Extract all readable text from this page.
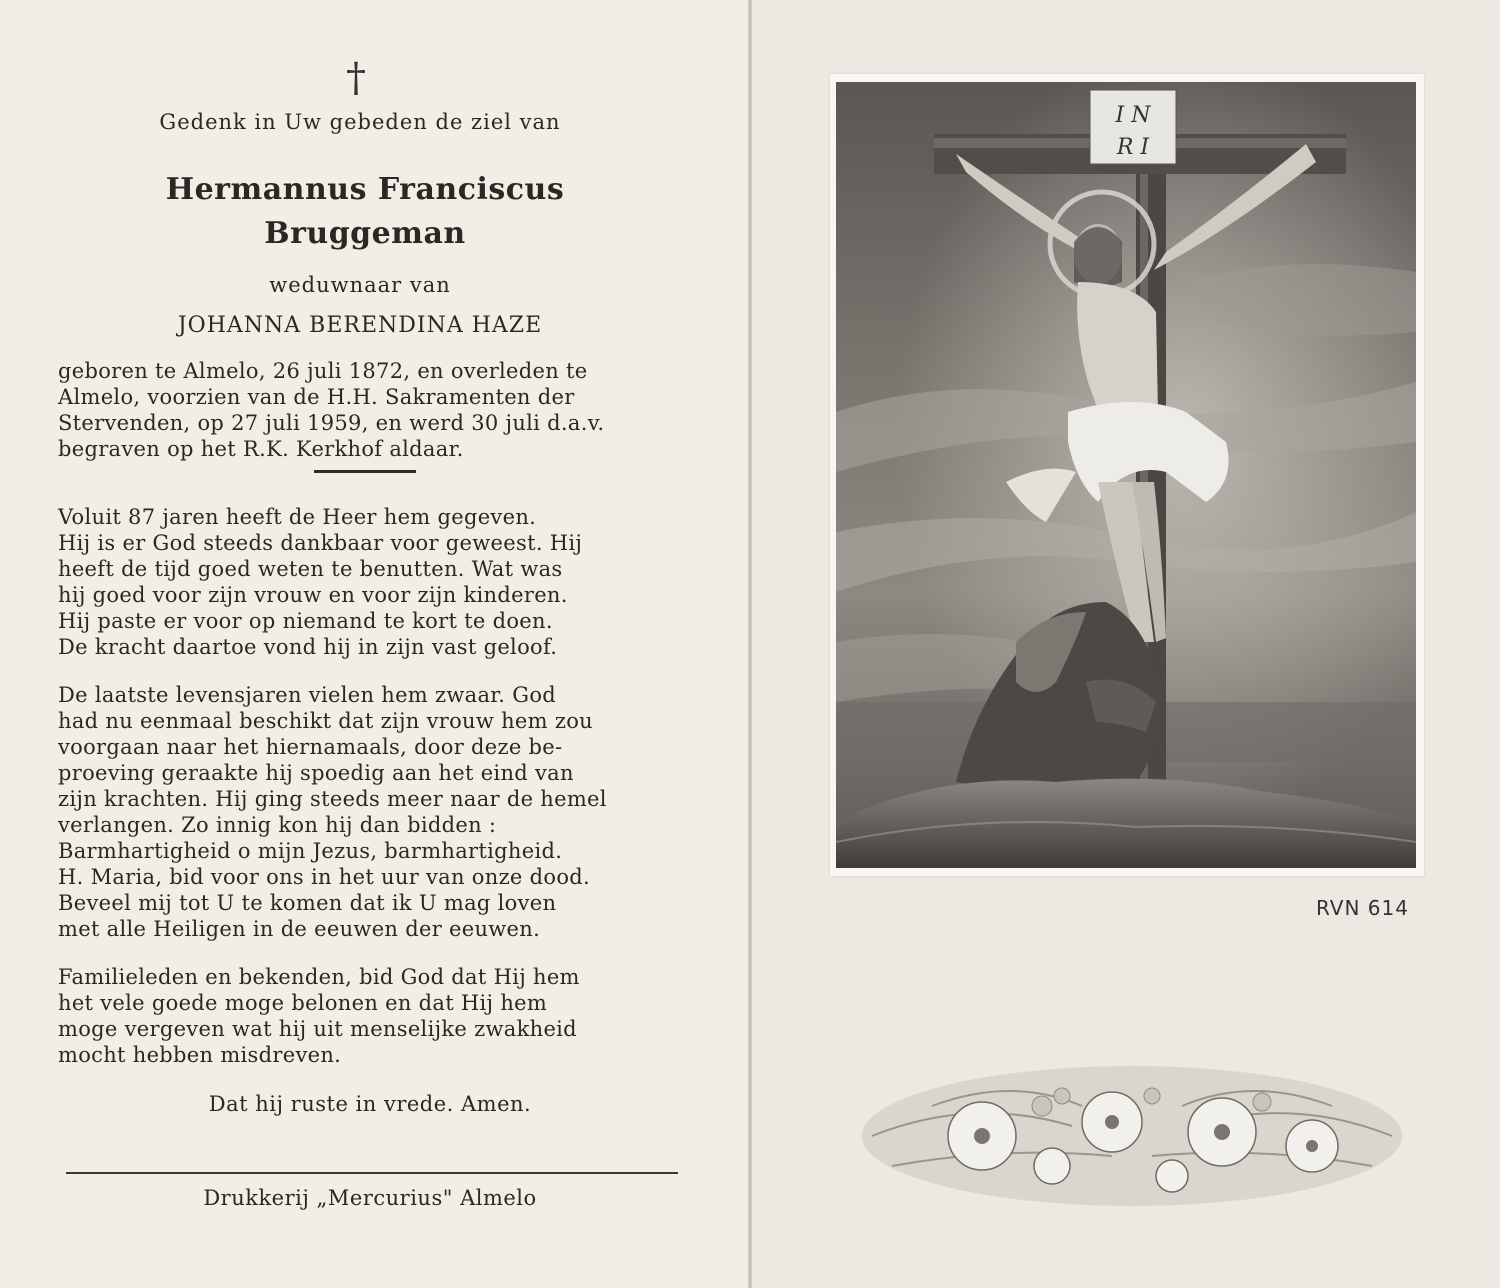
†
Gedenk in Uw gebeden de ziel van
Hermannus Franciscus
Bruggeman
weduwnaar van
JOHANNA BERENDINA HAZE
geboren te Almelo, 26 juli 1872, en overleden te
Almelo, voorzien van de H.H. Sakramenten der
Stervenden, op 27 juli 1959, en werd 30 juli d.a.v.
begraven op het R.K. Kerkhof aldaar.
Voluit 87 jaren heeft de Heer hem gegeven.
Hij is er God steeds dankbaar voor geweest. Hij
heeft de tijd goed weten te benutten. Wat was
hij goed voor zijn vrouw en voor zijn kinderen.
Hij paste er voor op niemand te kort te doen.
De kracht daartoe vond hij in zijn vast geloof.
De laatste levensjaren vielen hem zwaar. God
had nu eenmaal beschikt dat zijn vrouw hem zou
voorgaan naar het hiernamaals, door deze be-
proeving geraakte hij spoedig aan het eind van
zijn krachten. Hij ging steeds meer naar de hemel
verlangen. Zo innig kon hij dan bidden :
Barmhartigheid o mijn Jezus, barmhartigheid.
H. Maria, bid voor ons in het uur van onze dood.
Beveel mij tot U te komen dat ik U mag loven
met alle Heiligen in de eeuwen der eeuwen.
Familieleden en bekenden, bid God dat Hij hem
het vele goede moge belonen en dat Hij hem
moge vergeven wat hij uit menselijke zwakheid
mocht hebben misdreven.
Dat hij ruste in vrede. Amen.
Drukkerij „Mercurius" Almelo
I N
R I
RVN 614
